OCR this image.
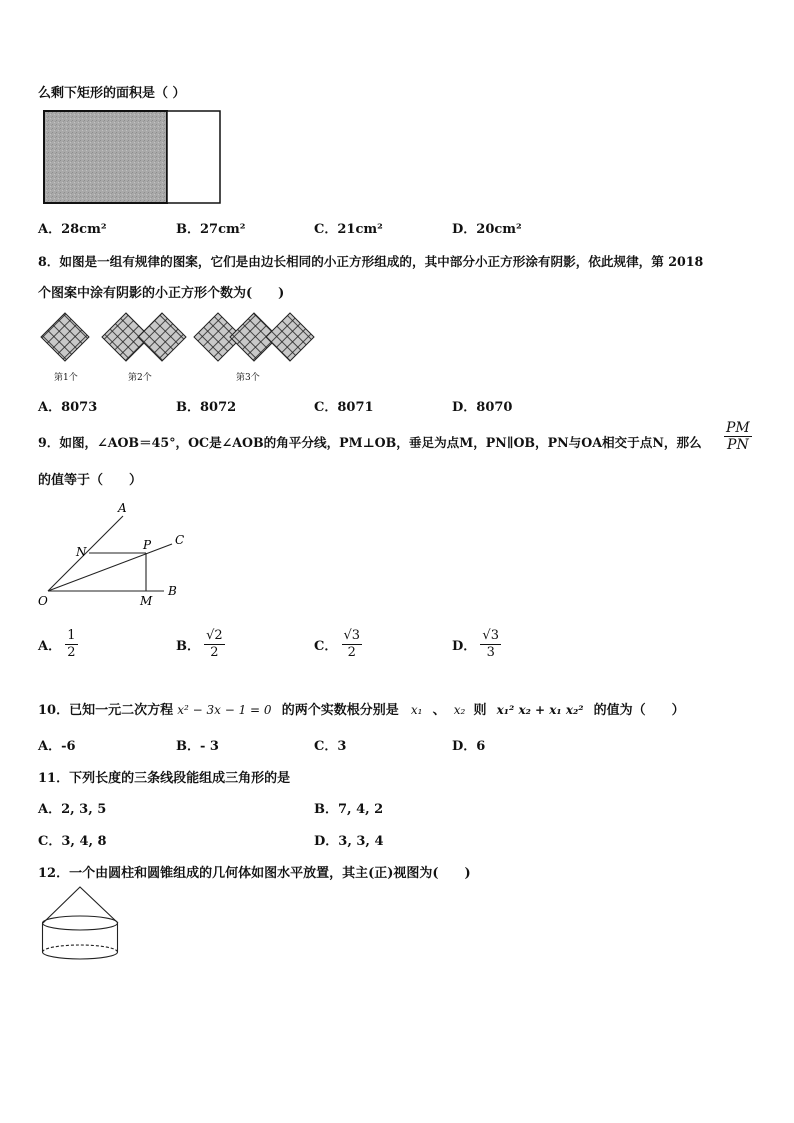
么剩下矩形的面积是（ ）
A．28cm²	B．27cm²	C．21cm²	D．20cm²
8．如图是一组有规律的图案，它们是由边长相同的小正方形组成的，其中部分小正方形涂有阴影，依此规律，第 2018
个图案中涂有阴影的小正方形个数为(　　)
第1个	第2个	第3个
A．8073	B．8072	C．8071	D．8070
9．如图，∠AOB＝45°，OC是∠AOB的角平分线，PM⊥OB，垂足为点M，PN∥OB，PN与OA相交于点N，那么 $\frac{PM}{PN}$
的值等于（　　）
A
C
B
N	P
O	M
A． $\frac{1}{2}$	B． $\frac{√2}{2}$	C． $\frac{√3}{2}$	D． $\frac{√3}{3}$
10．已知一元二次方程 x² − 3x − 1 = 0 的两个实数根分别是 x₁ 、 x₂ 则 x₁² x₂ + x₁ x₂² 的值为（　　）
A．-6	B．- 3	C．3	D．6
11．下列长度的三条线段能组成三角形的是
A．2, 3, 5	B．7, 4, 2
C．3, 4, 8	D．3, 3, 4
12．一个由圆柱和圆锥组成的几何体如图水平放置，其主(正)视图为(　　)
